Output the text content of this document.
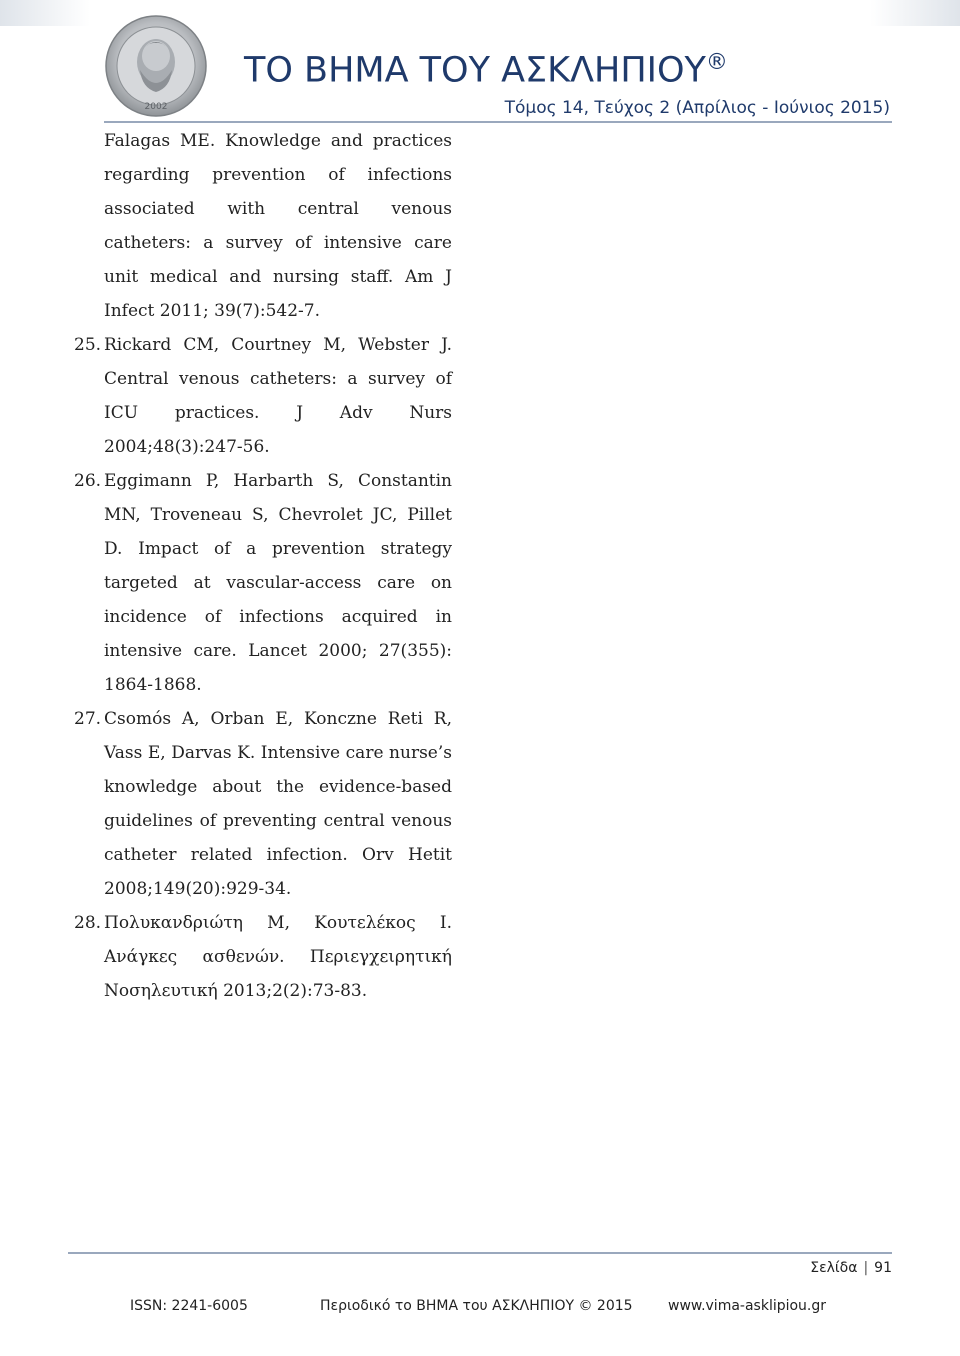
2002
ΤΟ ΒΗΜΑ ΤΟΥ ΑΣΚΛΗΠΙΟΥ®
Τόμος 14, Τεύχος 2 (Απρίλιος - Ιούνιος 2015)
Falagas ME. Knowledge and practices regarding prevention of infections associated with central venous catheters: a survey of intensive care unit medical and nursing staff. Am J Infect 2011; 39(7):542-7.
25. Rickard CM, Courtney M, Webster J. Central venous catheters: a survey of ICU practices. J Adv Nurs 2004;48(3):247-56.
26. Eggimann P, Harbarth S, Constantin MN, Troveneau S, Chevrolet JC, Pillet D. Impact of a prevention strategy targeted at vascular-access care on incidence of infections acquired in intensive care. Lancet 2000; 27(355): 1864-1868.
27. Csomós A, Orban E, Konczne Reti R, Vass E, Darvas K. Intensive care nurse’s knowledge about the evidence-based guidelines of preventing central venous catheter related infection. Orv Hetit 2008;149(20):929-34.
28. Πολυκανδριώτη Μ, Κουτελέκος Ι. Ανάγκες ασθενών. Περιεγχειρητική Νοσηλευτική 2013;2(2):73-83.
Σελίδα | 91
ISSN: 2241-6005	Περιοδικό το ΒΗΜΑ του ΑΣΚΛΗΠΙΟΥ © 2015	www.vima-asklipiou.gr
